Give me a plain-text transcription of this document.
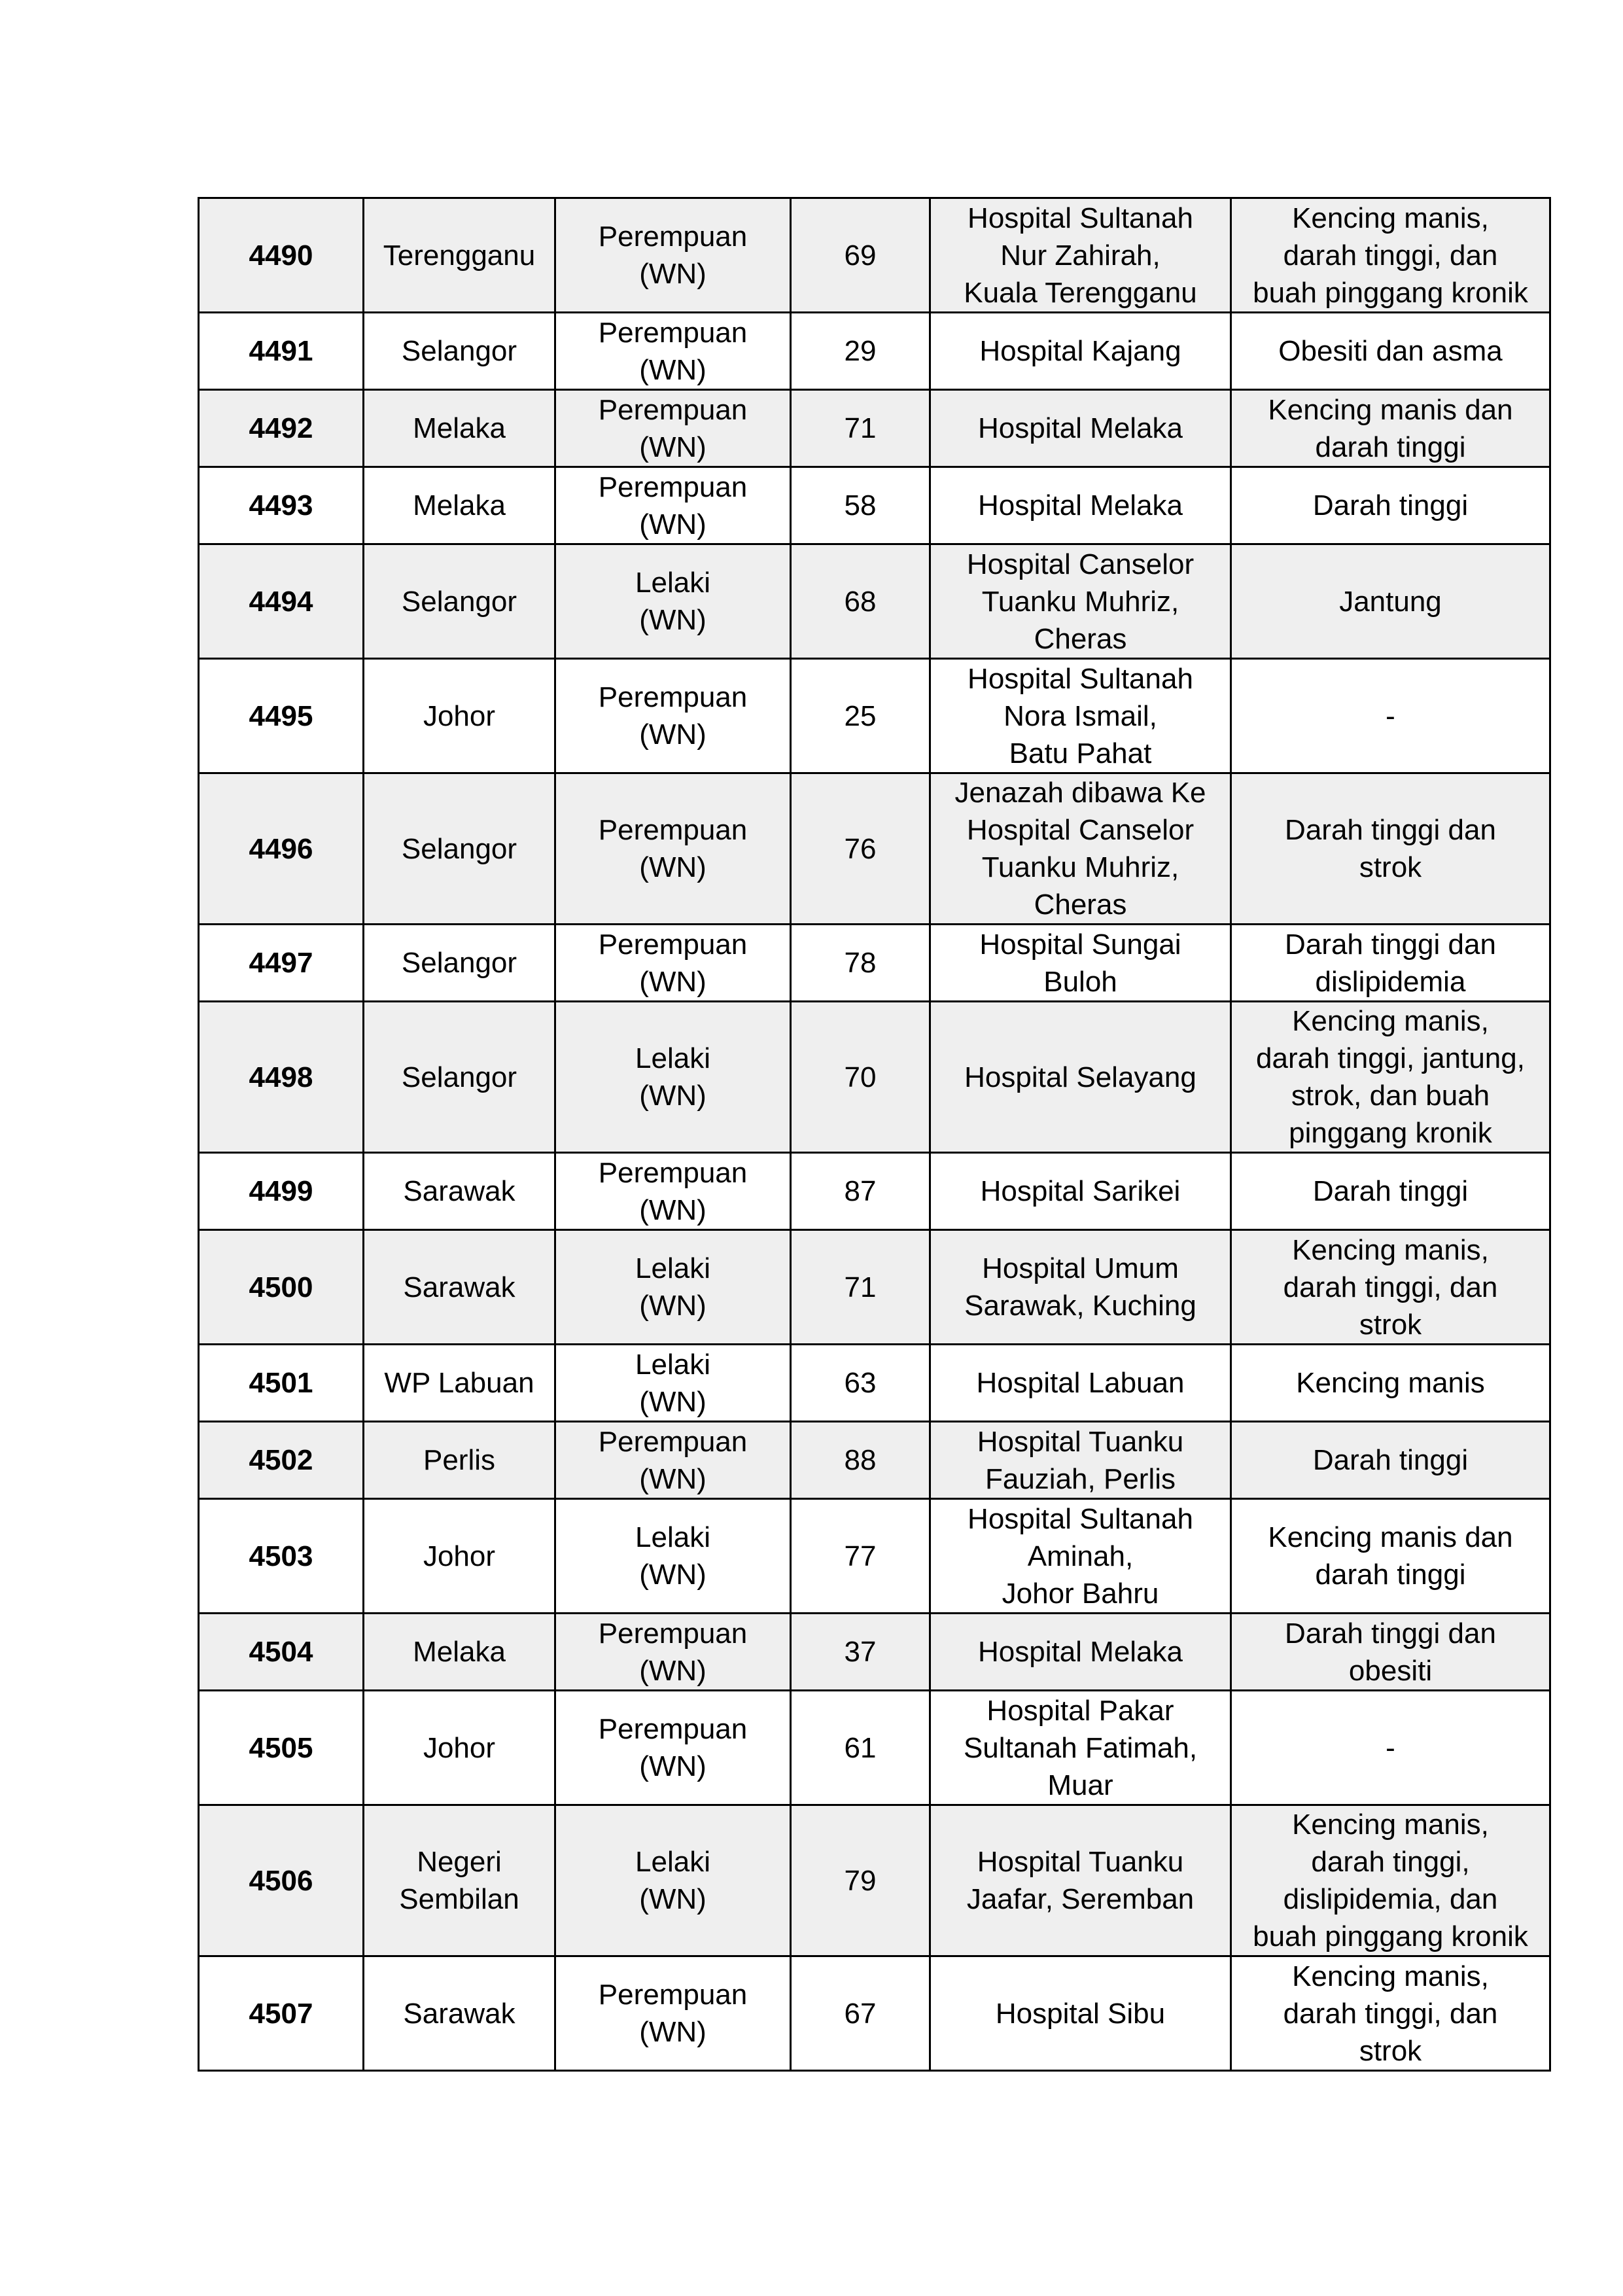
4490	Terengganu	Perempuan
(WN)	69	Hospital Sultanah
Nur Zahirah,
Kuala Terengganu	Kencing manis,
darah tinggi, dan
buah pinggang kronik

4491	Selangor	Perempuan
(WN)	29	Hospital Kajang	Obesiti dan asma

4492	Melaka	Perempuan
(WN)	71	Hospital Melaka	Kencing manis dan
darah tinggi

4493	Melaka	Perempuan
(WN)	58	Hospital Melaka	Darah tinggi

4494	Selangor	Lelaki
(WN)	68	Hospital Canselor
Tuanku Muhriz,
Cheras	Jantung

4495	Johor	Perempuan
(WN)	25	Hospital Sultanah
Nora Ismail,
Batu Pahat	-

4496	Selangor	Perempuan
(WN)	76	Jenazah dibawa Ke
Hospital Canselor
Tuanku Muhriz,
Cheras	Darah tinggi dan
strok

4497	Selangor	Perempuan
(WN)	78	Hospital Sungai
Buloh	Darah tinggi dan
dislipidemia

4498	Selangor	Lelaki
(WN)	70	Hospital Selayang	Kencing manis,
darah tinggi, jantung,
strok, dan buah
pinggang kronik

4499	Sarawak	Perempuan
(WN)	87	Hospital Sarikei	Darah tinggi

4500	Sarawak	Lelaki
(WN)	71	Hospital Umum
Sarawak, Kuching	Kencing manis,
darah tinggi, dan
strok

4501	WP Labuan	Lelaki
(WN)	63	Hospital Labuan	Kencing manis

4502	Perlis	Perempuan
(WN)	88	Hospital Tuanku
Fauziah, Perlis	Darah tinggi

4503	Johor	Lelaki
(WN)	77	Hospital Sultanah
Aminah,
Johor Bahru	Kencing manis dan
darah tinggi

4504	Melaka	Perempuan
(WN)	37	Hospital Melaka	Darah tinggi dan
obesiti

4505	Johor	Perempuan
(WN)	61	Hospital Pakar
Sultanah Fatimah,
Muar	-

4506	Negeri Sembilan	Lelaki
(WN)	79	Hospital Tuanku
Jaafar, Seremban	Kencing manis,
darah tinggi,
dislipidemia, dan
buah pinggang kronik

4507	Sarawak	Perempuan
(WN)	67	Hospital Sibu	Kencing manis,
darah tinggi, dan
strok
